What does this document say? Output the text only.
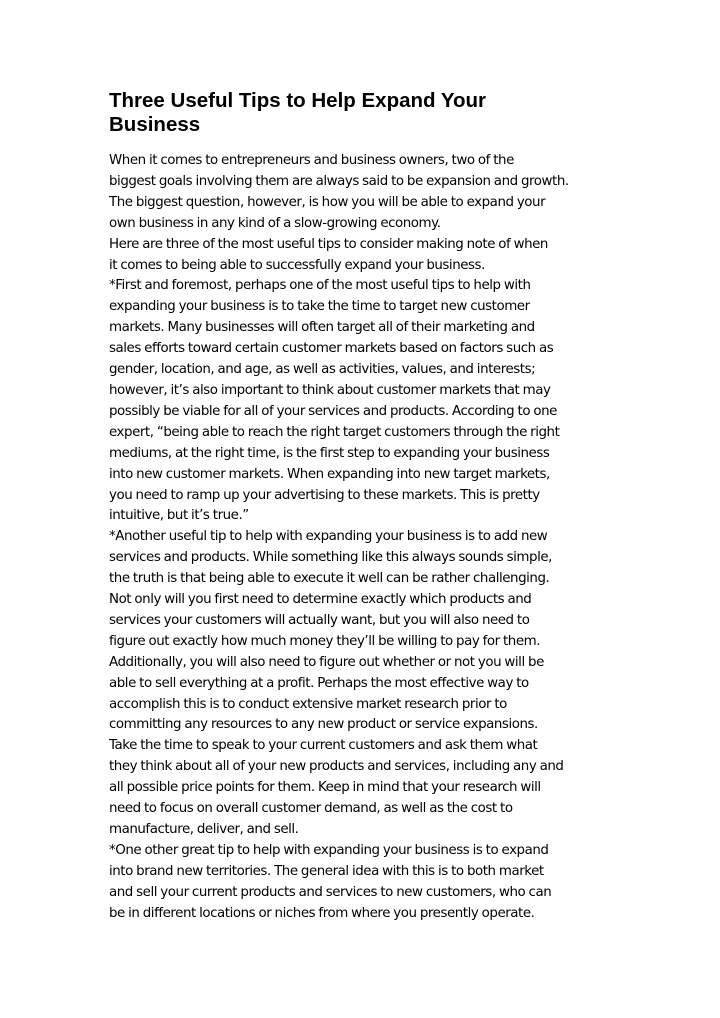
Three Useful Tips to Help Expand Your
Business

When it comes to entrepreneurs and business owners, two of the
biggest goals involving them are always said to be expansion and growth.
The biggest question, however, is how you will be able to expand your
own business in any kind of a slow-growing economy.

Here are three of the most useful tips to consider making note of when
it comes to being able to successfully expand your business.

*First and foremost, perhaps one of the most useful tips to help with
expanding your business is to take the time to target new customer
markets. Many businesses will often target all of their marketing and
sales efforts toward certain customer markets based on factors such as
gender, location, and age, as well as activities, values, and interests;
however, it’s also important to think about customer markets that may
possibly be viable for all of your services and products. According to one
expert, “being able to reach the right target customers through the right
mediums, at the right time, is the first step to expanding your business
into new customer markets. When expanding into new target markets,
you need to ramp up your advertising to these markets. This is pretty
intuitive, but it’s true.”

*Another useful tip to help with expanding your business is to add new
services and products. While something like this always sounds simple,
the truth is that being able to execute it well can be rather challenging.
Not only will you first need to determine exactly which products and
services your customers will actually want, but you will also need to
figure out exactly how much money they’ll be willing to pay for them.
Additionally, you will also need to figure out whether or not you will be
able to sell everything at a profit. Perhaps the most effective way to
accomplish this is to conduct extensive market research prior to
committing any resources to any new product or service expansions.
Take the time to speak to your current customers and ask them what
they think about all of your new products and services, including any and
all possible price points for them. Keep in mind that your research will
need to focus on overall customer demand, as well as the cost to
manufacture, deliver, and sell.

*One other great tip to help with expanding your business is to expand
into brand new territories. The general idea with this is to both market
and sell your current products and services to new customers, who can
be in different locations or niches from where you presently operate.
